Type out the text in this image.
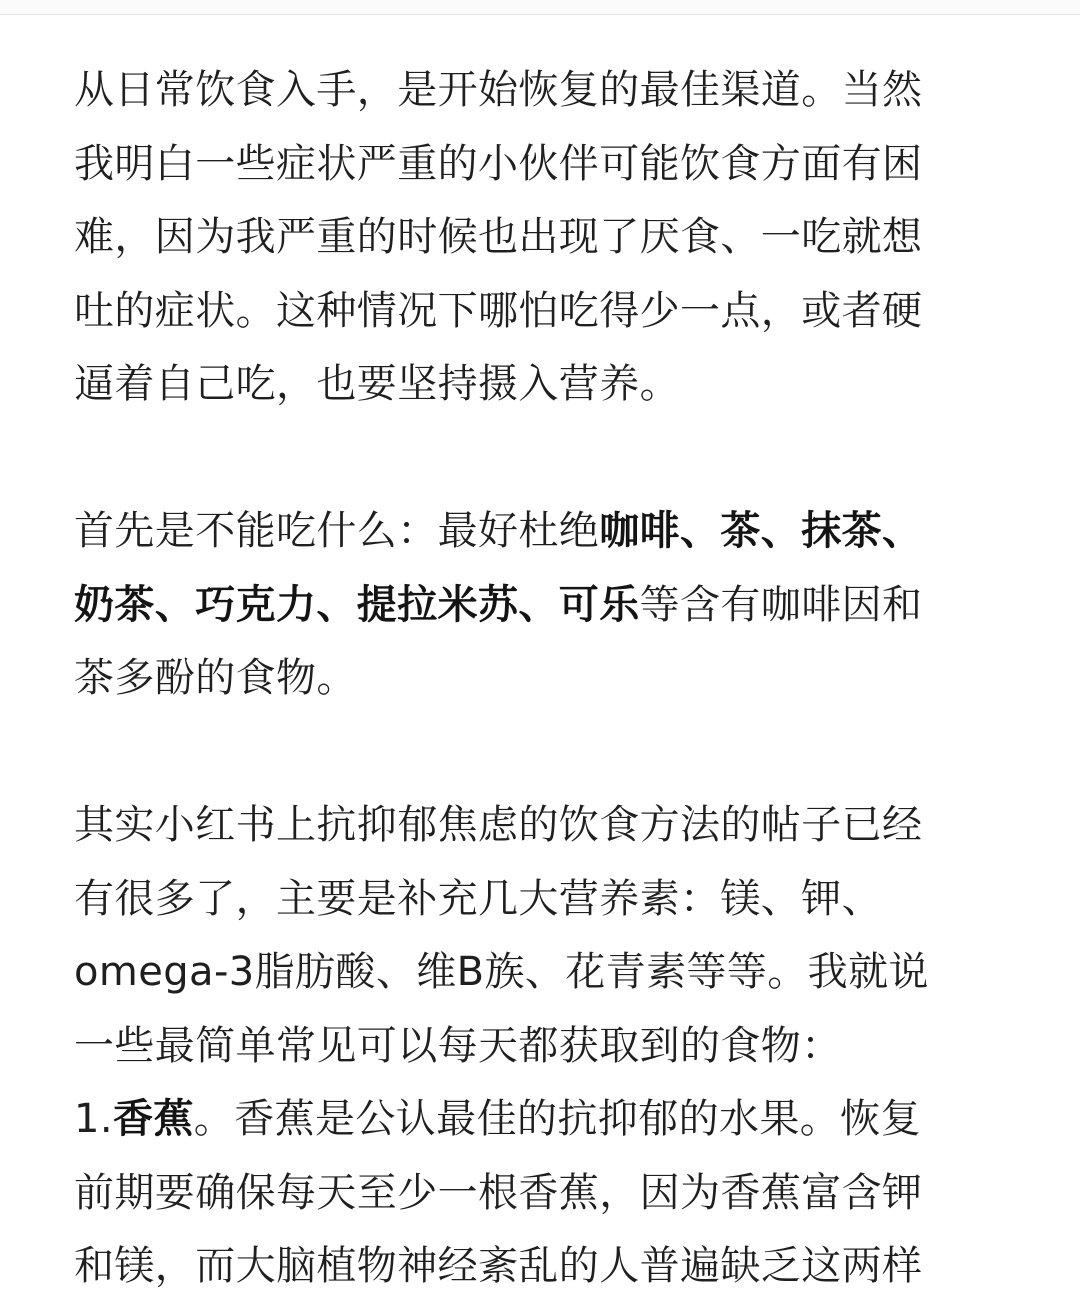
从日常饮食入手，是开始恢复的最佳渠道。当然
我明白一些症状严重的小伙伴可能饮食方面有困
难，因为我严重的时候也出现了厌食、一吃就想
吐的症状。这种情况下哪怕吃得少一点，或者硬
逼着自己吃，也要坚持摄入营养。
首先是不能吃什么：最好杜绝咖啡、茶、抹茶、
奶茶、巧克力、提拉米苏、可乐等含有咖啡因和
茶多酚的食物。
其实小红书上抗抑郁焦虑的饮食方法的帖子已经
有很多了，主要是补充几大营养素：镁、钾、
omega-3脂肪酸、维B族、花青素等等。我就说
一些最简单常见可以每天都获取到的食物：
1.香蕉。香蕉是公认最佳的抗抑郁的水果。恢复
前期要确保每天至少一根香蕉，因为香蕉富含钾
和镁，而大脑植物神经紊乱的人普遍缺乏这两样
